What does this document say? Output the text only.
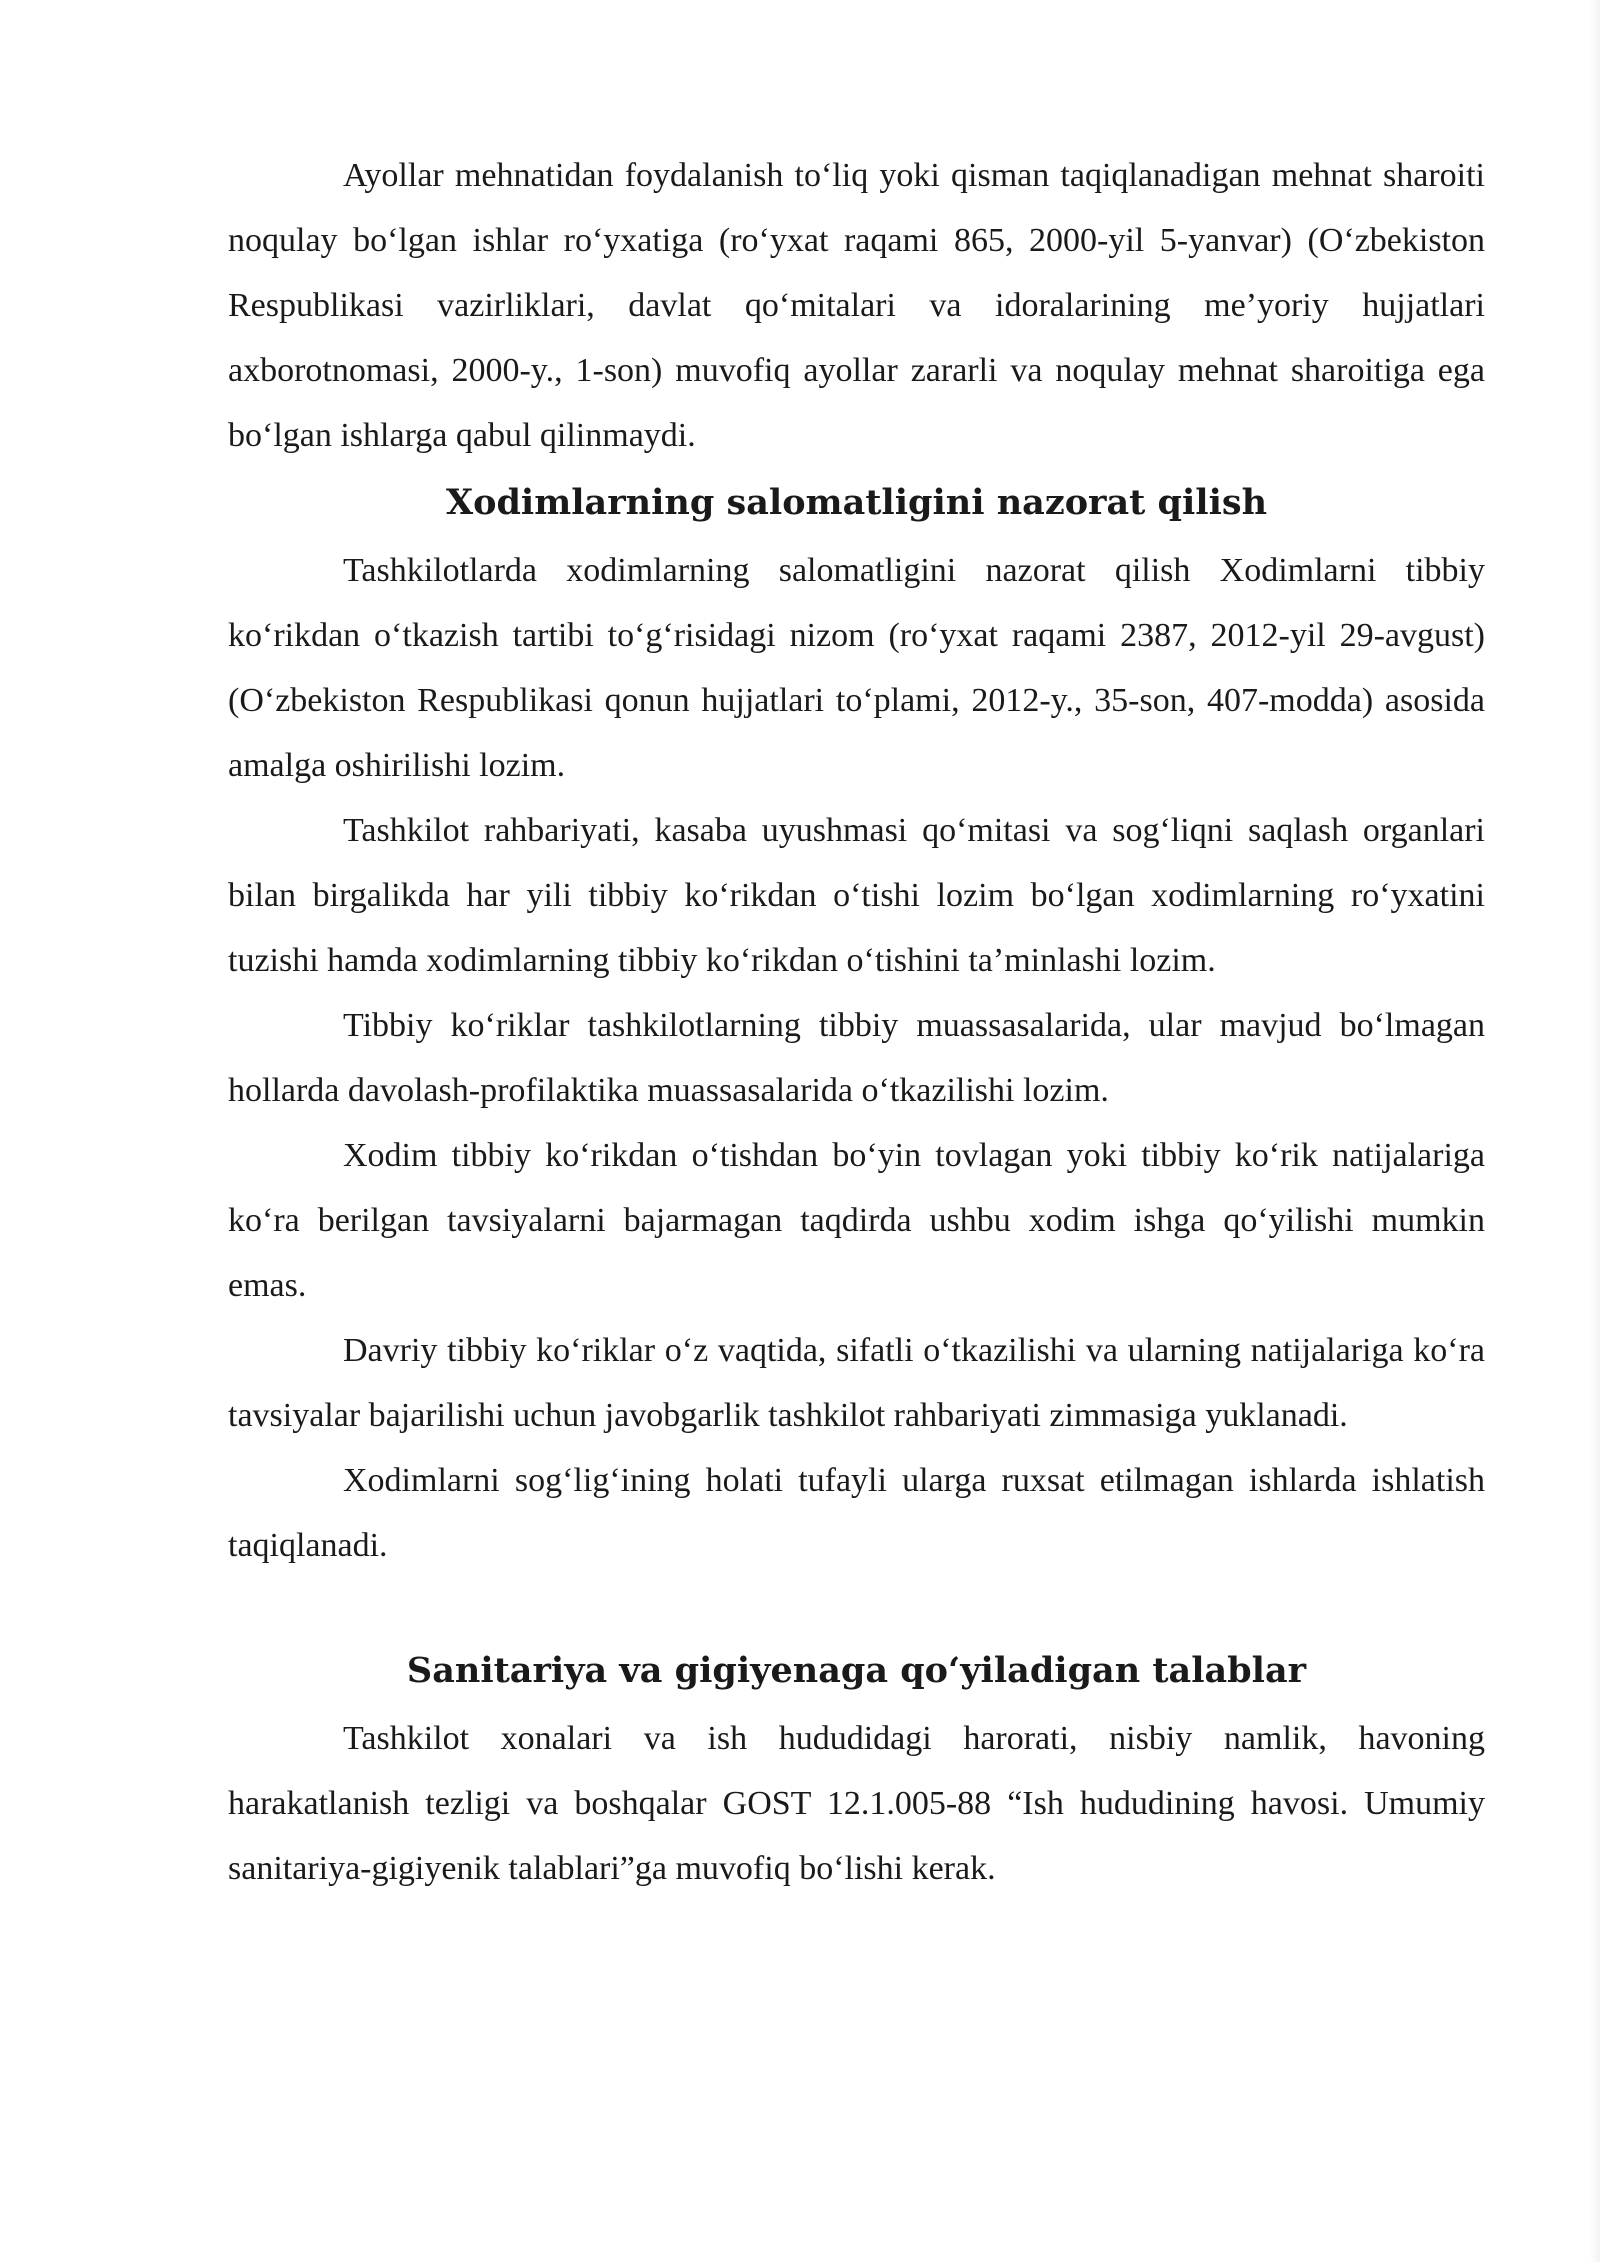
Ayollar mehnatidan foydalanish to‘liq yoki qisman taqiqlanadigan mehnat sharoiti noqulay bo‘lgan ishlar ro‘yxatiga (ro‘yxat raqami 865, 2000-yil 5-yanvar) (O‘zbekiston Respublikasi vazirliklari, davlat qo‘mitalari va idoralarining me’yoriy hujjatlari axborotnomasi, 2000-y., 1-son) muvofiq ayollar zararli va noqulay mehnat sharoitiga ega bo‘lgan ishlarga qabul qilinmaydi.

Xodimlarning salomatligini nazorat qilish

Tashkilotlarda xodimlarning salomatligini nazorat qilish Xodimlarni tibbiy ko‘rikdan o‘tkazish tartibi to‘g‘risidagi nizom (ro‘yxat raqami 2387, 2012-yil 29-avgust) (O‘zbekiston Respublikasi qonun hujjatlari to‘plami, 2012-y., 35-son, 407-modda) asosida amalga oshirilishi lozim.

Tashkilot rahbariyati, kasaba uyushmasi qo‘mitasi va sog‘liqni saqlash organlari bilan birgalikda har yili tibbiy ko‘rikdan o‘tishi lozim bo‘lgan xodimlarning ro‘yxatini tuzishi hamda xodimlarning tibbiy ko‘rikdan o‘tishini ta’minlashi lozim.

Tibbiy ko‘riklar tashkilotlarning tibbiy muassasalarida, ular mavjud bo‘lmagan hollarda davolash-profilaktika muassasalarida o‘tkazilishi lozim.

Xodim tibbiy ko‘rikdan o‘tishdan bo‘yin tovlagan yoki tibbiy ko‘rik natijalariga ko‘ra berilgan tavsiyalarni bajarmagan taqdirda ushbu xodim ishga qo‘yilishi mumkin emas.

Davriy tibbiy ko‘riklar o‘z vaqtida, sifatli o‘tkazilishi va ularning natijalariga ko‘ra tavsiyalar bajarilishi uchun javobgarlik tashkilot rahbariyati zimmasiga yuklanadi.

Xodimlarni sog‘lig‘ining holati tufayli ularga ruxsat etilmagan ishlarda ishlatish taqiqlanadi.

Sanitariya va gigiyenaga qo‘yiladigan talablar

Tashkilot xonalari va ish hududidagi harorati, nisbiy namlik, havoning harakatlanish tezligi va boshqalar GOST 12.1.005-88 “Ish hududining havosi. Umumiy sanitariya-gigiyenik talablari”ga muvofiq bo‘lishi kerak.
